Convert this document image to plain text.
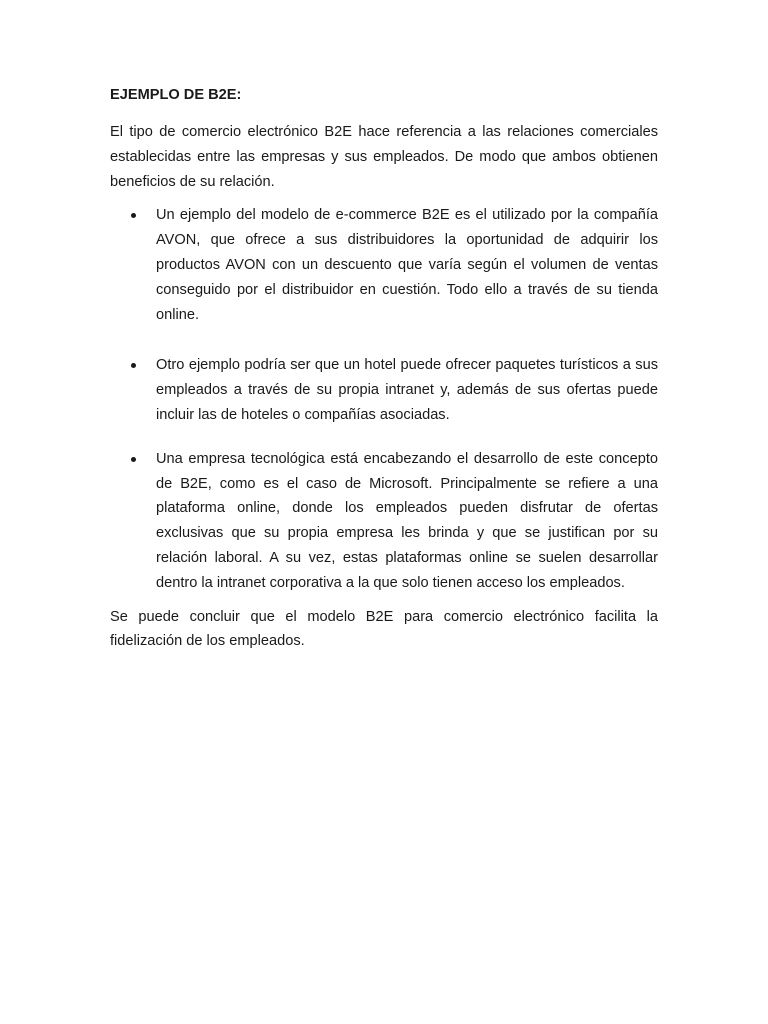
EJEMPLO DE B2E:

El tipo de comercio electrónico B2E hace referencia a las relaciones comerciales establecidas entre las empresas y sus empleados. De modo que ambos obtienen beneficios de su relación.

Un ejemplo del modelo de e-commerce B2E es el utilizado por la compañía AVON, que ofrece a sus distribuidores la oportunidad de adquirir los productos AVON con un descuento que varía según el volumen de ventas conseguido por el distribuidor en cuestión. Todo ello a través de su tienda online.
Otro ejemplo podría ser que un hotel puede ofrecer paquetes turísticos a sus empleados a través de su propia intranet y, además de sus ofertas puede incluir las de hoteles o compañías asociadas.
Una empresa tecnológica está encabezando el desarrollo de este concepto de B2E, como es el caso de Microsoft. Principalmente se refiere a una plataforma online, donde los empleados pueden disfrutar de ofertas exclusivas que su propia empresa les brinda y que se justifican por su relación laboral. A su vez, estas plataformas online se suelen desarrollar dentro la intranet corporativa a la que solo tienen acceso los empleados.

Se puede concluir que el modelo B2E para comercio electrónico facilita la fidelización de los empleados.
